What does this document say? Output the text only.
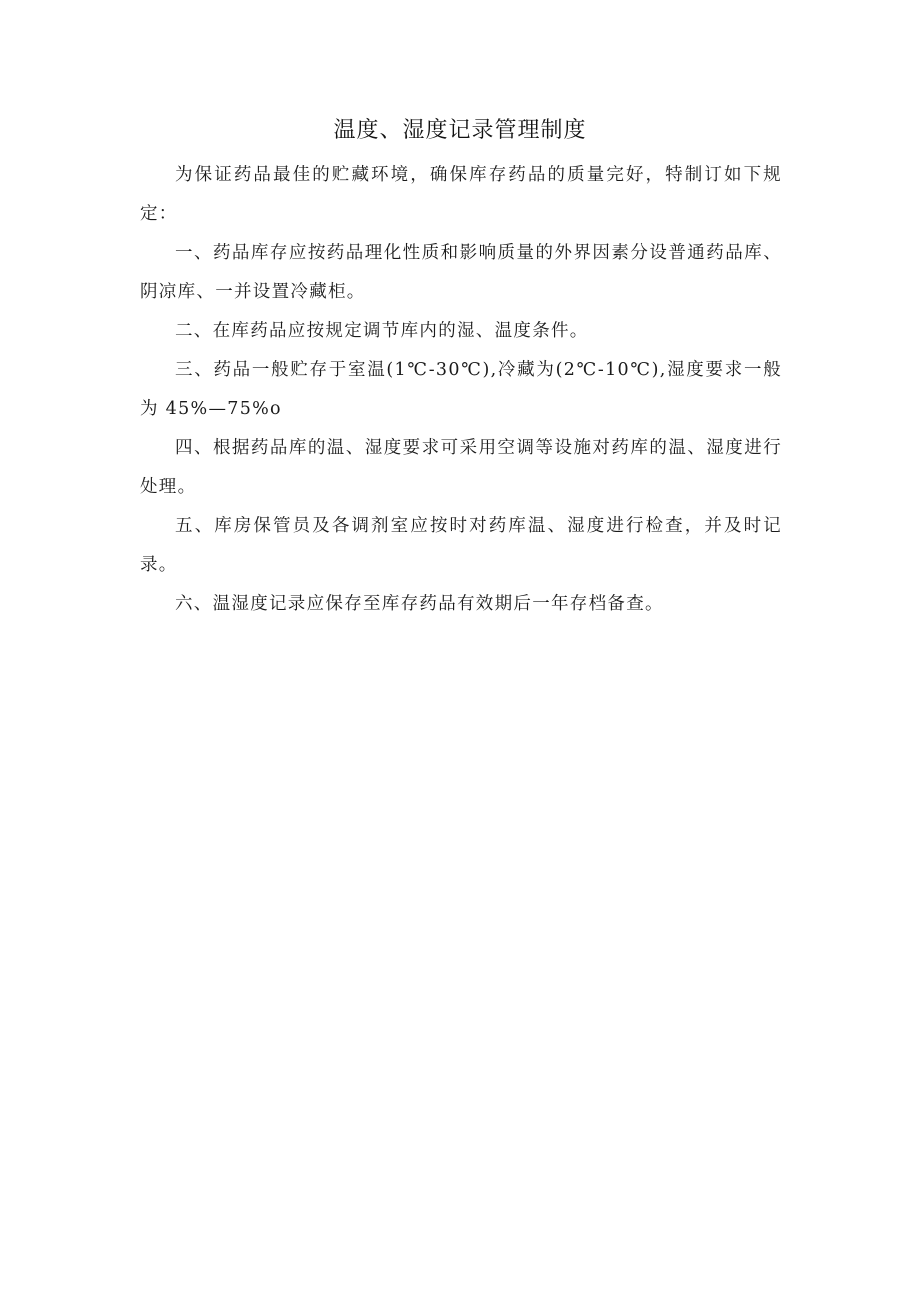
温度、湿度记录管理制度

为保证药品最佳的贮藏环境，确保库存药品的质量完好，特制订如下规定：

一、药品库存应按药品理化性质和影响质量的外界因素分设普通药品库、阴凉库、一并设置冷藏柜。

二、在库药品应按规定调节库内的湿、温度条件。

三、药品一般贮存于室温(1℃-30℃),冷藏为(2℃-10℃),湿度要求一般为 45%—75%o

四、根据药品库的温、湿度要求可采用空调等设施对药库的温、湿度进行处理。

五、库房保管员及各调剂室应按时对药库温、湿度进行检查，并及时记录。

六、温湿度记录应保存至库存药品有效期后一年存档备查。
